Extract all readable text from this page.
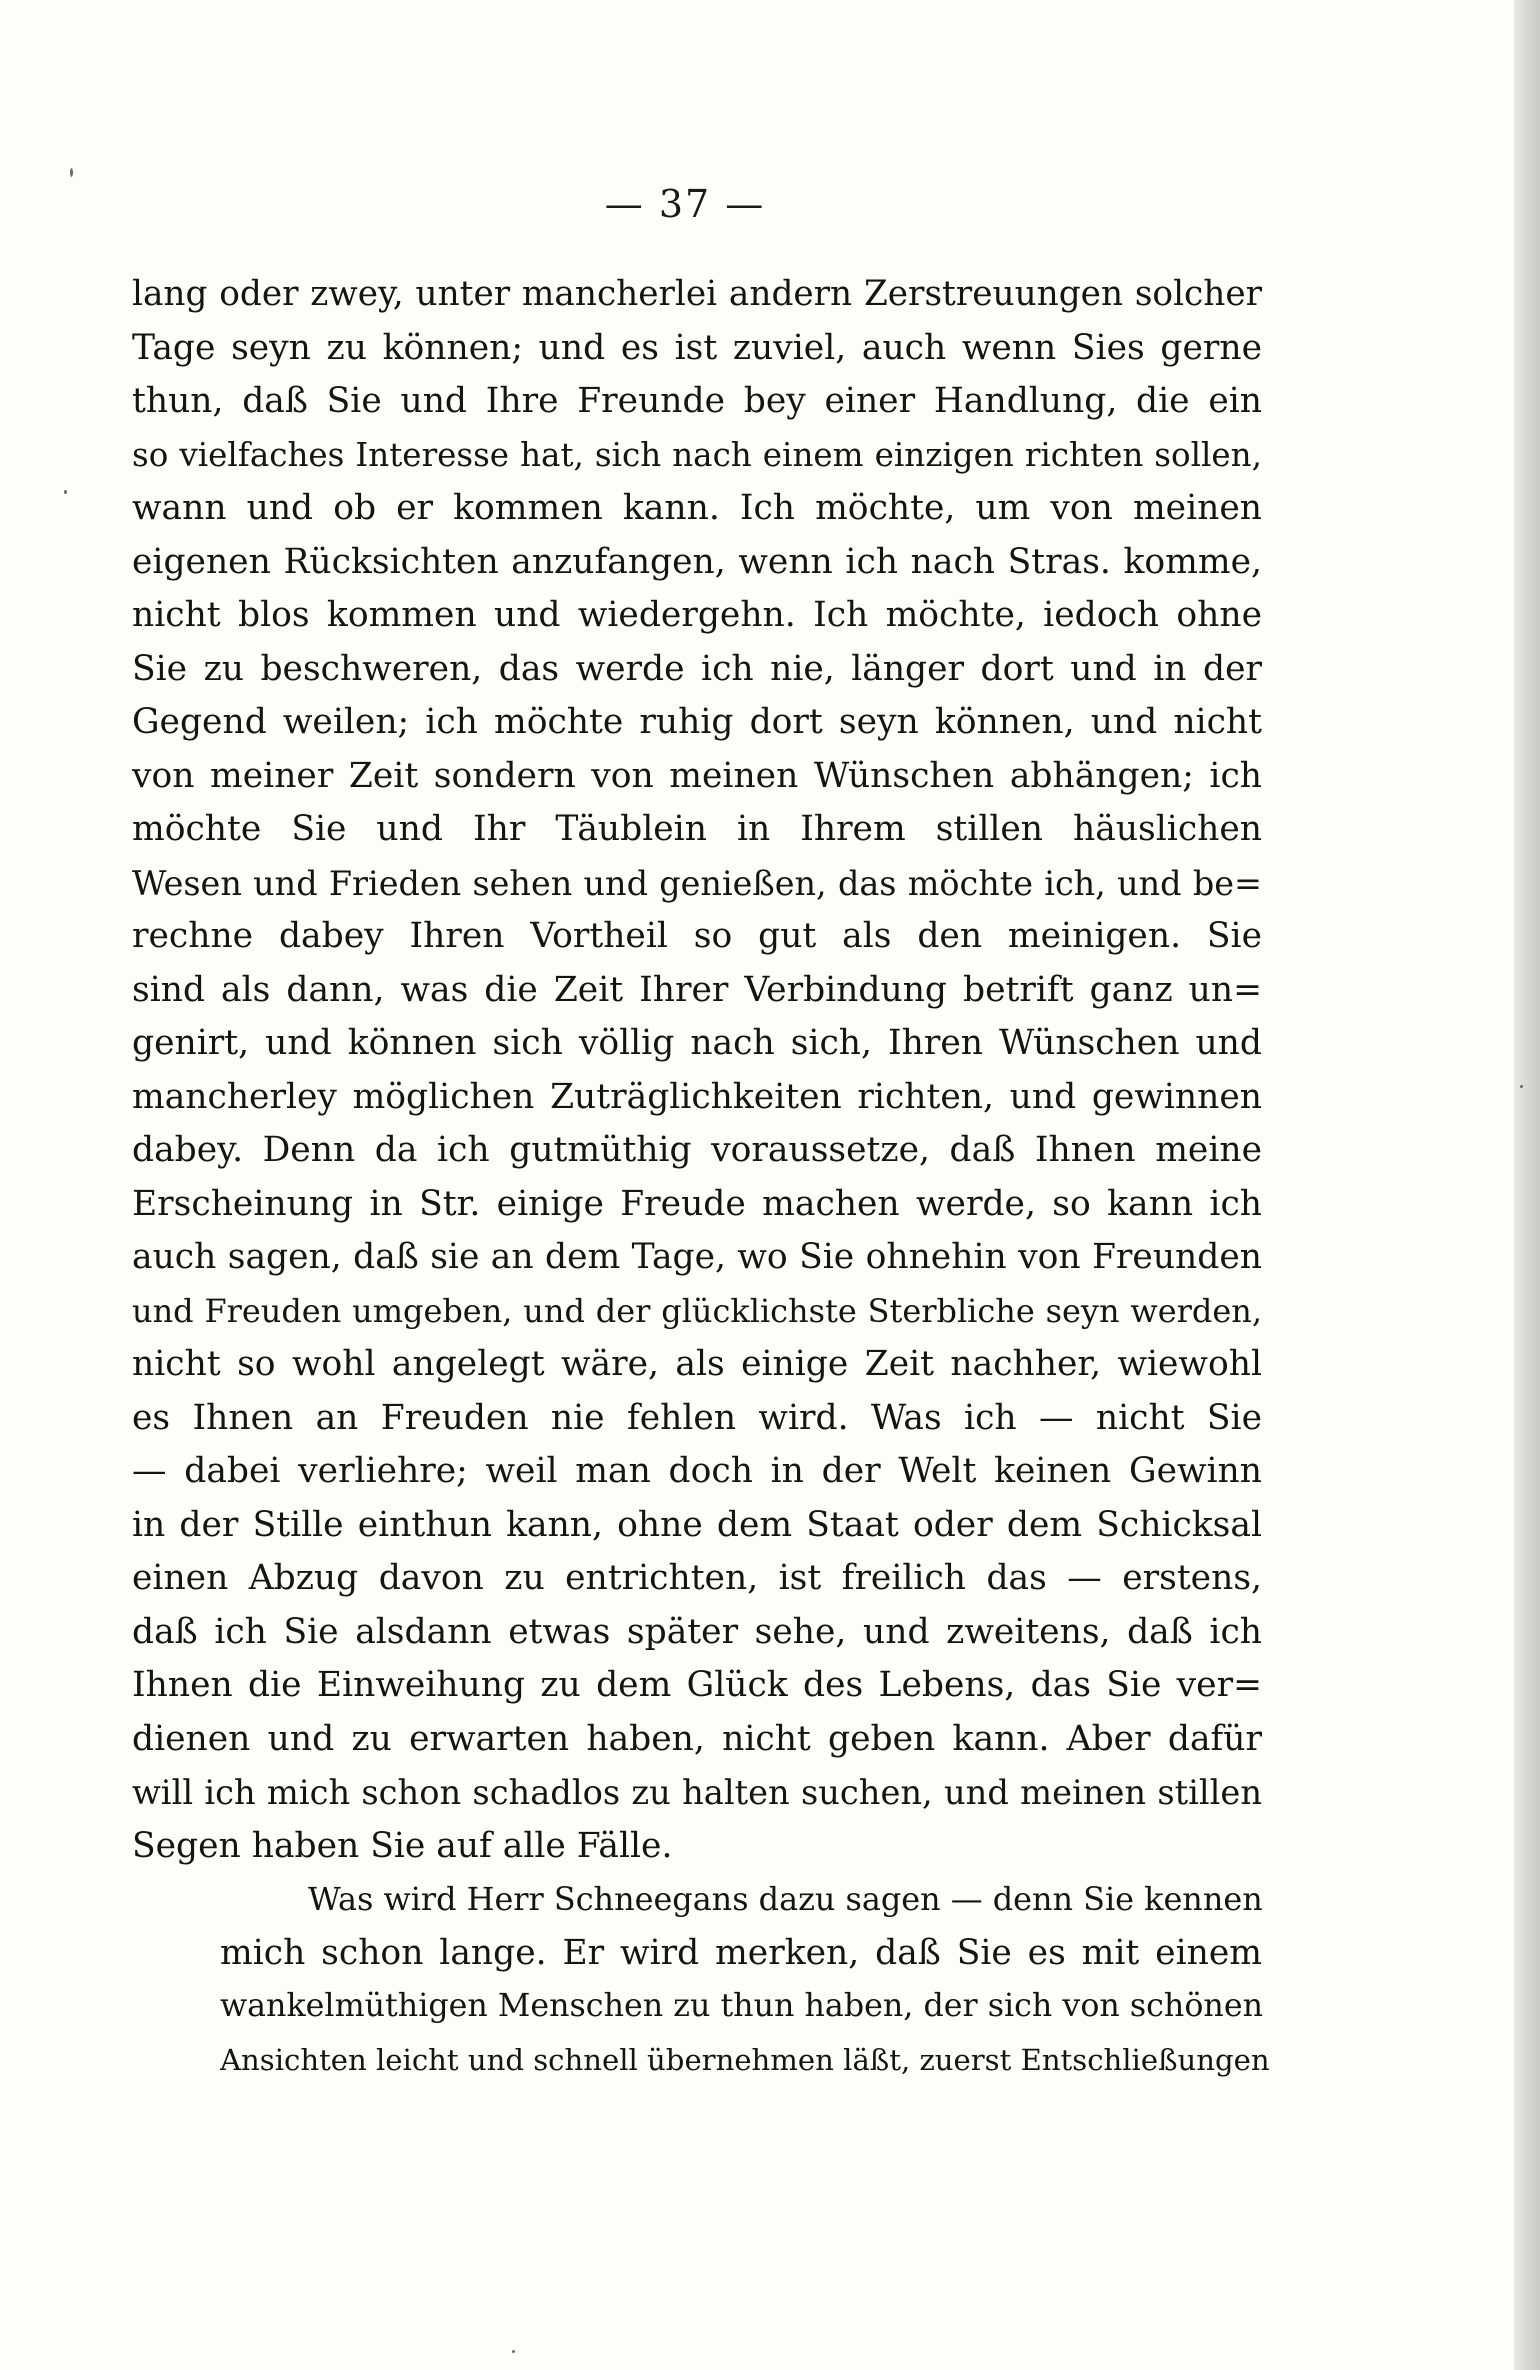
— 37 —
lang oder zwey, unter mancherlei andern Zerstreuungen solcher
Tage seyn zu können; und es ist zuviel, auch wenn Sies gerne
thun, daß Sie und Ihre Freunde bey einer Handlung, die ein
so vielfaches Interesse hat, sich nach einem einzigen richten sollen,
wann und ob er kommen kann. Ich möchte, um von meinen
eigenen Rücksichten anzufangen, wenn ich nach Stras. komme,
nicht blos kommen und wiedergehn. Ich möchte, iedoch ohne
Sie zu beschweren, das werde ich nie, länger dort und in der
Gegend weilen; ich möchte ruhig dort seyn können, und nicht
von meiner Zeit sondern von meinen Wünschen abhängen; ich
möchte Sie und Ihr Täublein in Ihrem stillen häuslichen
Wesen und Frieden sehen und genießen, das möchte ich, und be=
rechne dabey Ihren Vortheil so gut als den meinigen. Sie
sind als dann, was die Zeit Ihrer Verbindung betrift ganz un=
genirt, und können sich völlig nach sich, Ihren Wünschen und
mancherley möglichen Zuträglichkeiten richten, und gewinnen
dabey. Denn da ich gutmüthig voraussetze, daß Ihnen meine
Erscheinung in Str. einige Freude machen werde, so kann ich
auch sagen, daß sie an dem Tage, wo Sie ohnehin von Freunden
und Freuden umgeben, und der glücklichste Sterbliche seyn werden,
nicht so wohl angelegt wäre, als einige Zeit nachher, wiewohl
es Ihnen an Freuden nie fehlen wird. Was ich — nicht Sie
— dabei verliehre; weil man doch in der Welt keinen Gewinn
in der Stille einthun kann, ohne dem Staat oder dem Schicksal
einen Abzug davon zu entrichten, ist freilich das — erstens,
daß ich Sie alsdann etwas später sehe, und zweitens, daß ich
Ihnen die Einweihung zu dem Glück des Lebens, das Sie ver=
dienen und zu erwarten haben, nicht geben kann. Aber dafür
will ich mich schon schadlos zu halten suchen, und meinen stillen
Segen haben Sie auf alle Fälle.
Was wird Herr Schneegans dazu sagen — denn Sie kennen
mich schon lange. Er wird merken, daß Sie es mit einem
wankelmüthigen Menschen zu thun haben, der sich von schönen
Ansichten leicht und schnell übernehmen läßt, zuerst Entschließungen
